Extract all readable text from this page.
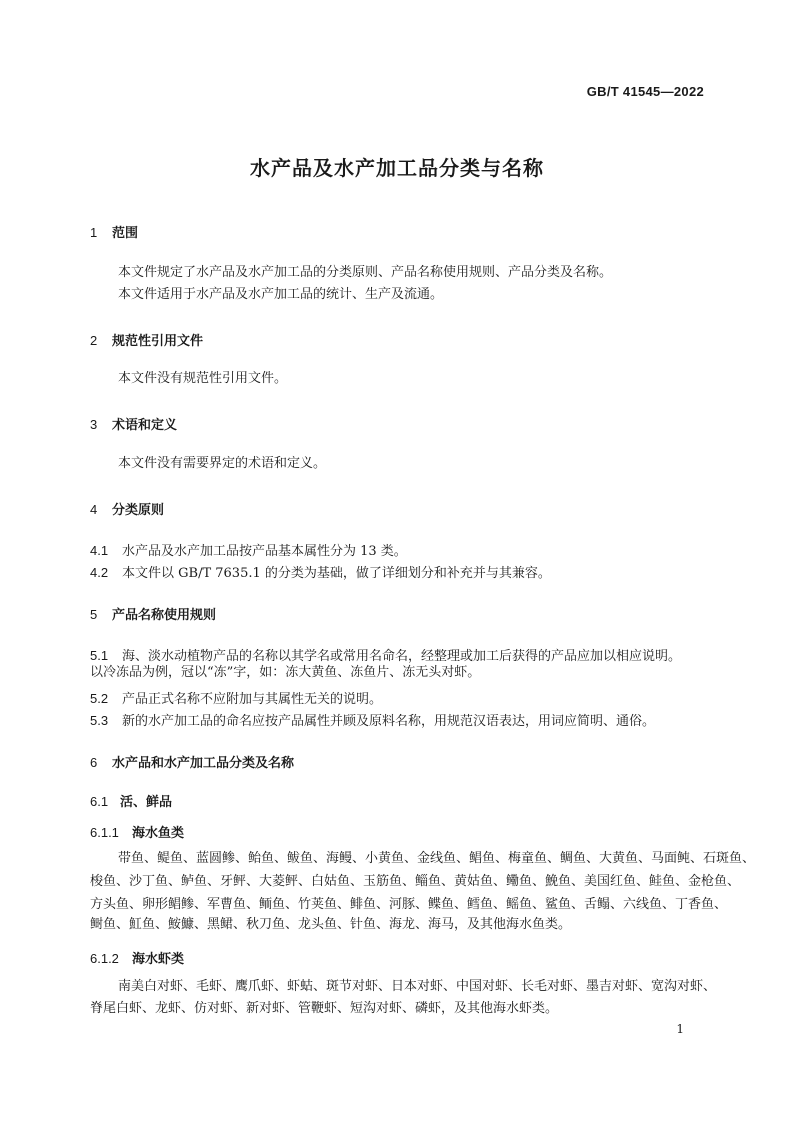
GB/T 41545—2022
水产品及水产加工品分类与名称
1 范围
本文件规定了水产品及水产加工品的分类原则、产品名称使用规则、产品分类及名称。
本文件适用于水产品及水产加工品的统计、生产及流通。
2 规范性引用文件
本文件没有规范性引用文件。
3 术语和定义
本文件没有需要界定的术语和定义。
4 分类原则
4.1 水产品及水产加工品按产品基本属性分为 13 类。
4.2 本文件以 GB/T 7635.1 的分类为基础，做了详细划分和补充并与其兼容。
5 产品名称使用规则
5.1 海、淡水动植物产品的名称以其学名或常用名命名，经整理或加工后获得的产品应加以相应说明。
以冷冻品为例，冠以“冻”字，如：冻大黄鱼、冻鱼片、冻无头对虾。
5.2 产品正式名称不应附加与其属性无关的说明。
5.3 新的水产加工品的命名应按产品属性并顾及原料名称，用规范汉语表达，用词应简明、通俗。
6 水产品和水产加工品分类及名称
6.1 活、鲜品
6.1.1 海水鱼类
带鱼、鳀鱼、蓝圆鲹、鲐鱼、鲅鱼、海鳗、小黄鱼、金线鱼、鲳鱼、梅童鱼、鲷鱼、大黄鱼、马面鲀、石斑鱼、
梭鱼、沙丁鱼、鲈鱼、牙鲆、大菱鲆、白姑鱼、玉筋鱼、鲻鱼、黄姑鱼、鳓鱼、鮸鱼、美国红鱼、鲑鱼、金枪鱼、
方头鱼、卵形鲳鲹、军曹鱼、鲕鱼、竹荚鱼、鲱鱼、河豚、鲽鱼、鳕鱼、鳐鱼、鲨鱼、舌鳎、六线鱼、丁香鱼、
鲥鱼、魟鱼、鮟鱇、黑鲪、秋刀鱼、龙头鱼、针鱼、海龙、海马，及其他海水鱼类。
6.1.2 海水虾类
南美白对虾、毛虾、鹰爪虾、虾蛄、斑节对虾、日本对虾、中国对虾、长毛对虾、墨吉对虾、宽沟对虾、
脊尾白虾、龙虾、仿对虾、新对虾、管鞭虾、短沟对虾、磷虾，及其他海水虾类。
1
